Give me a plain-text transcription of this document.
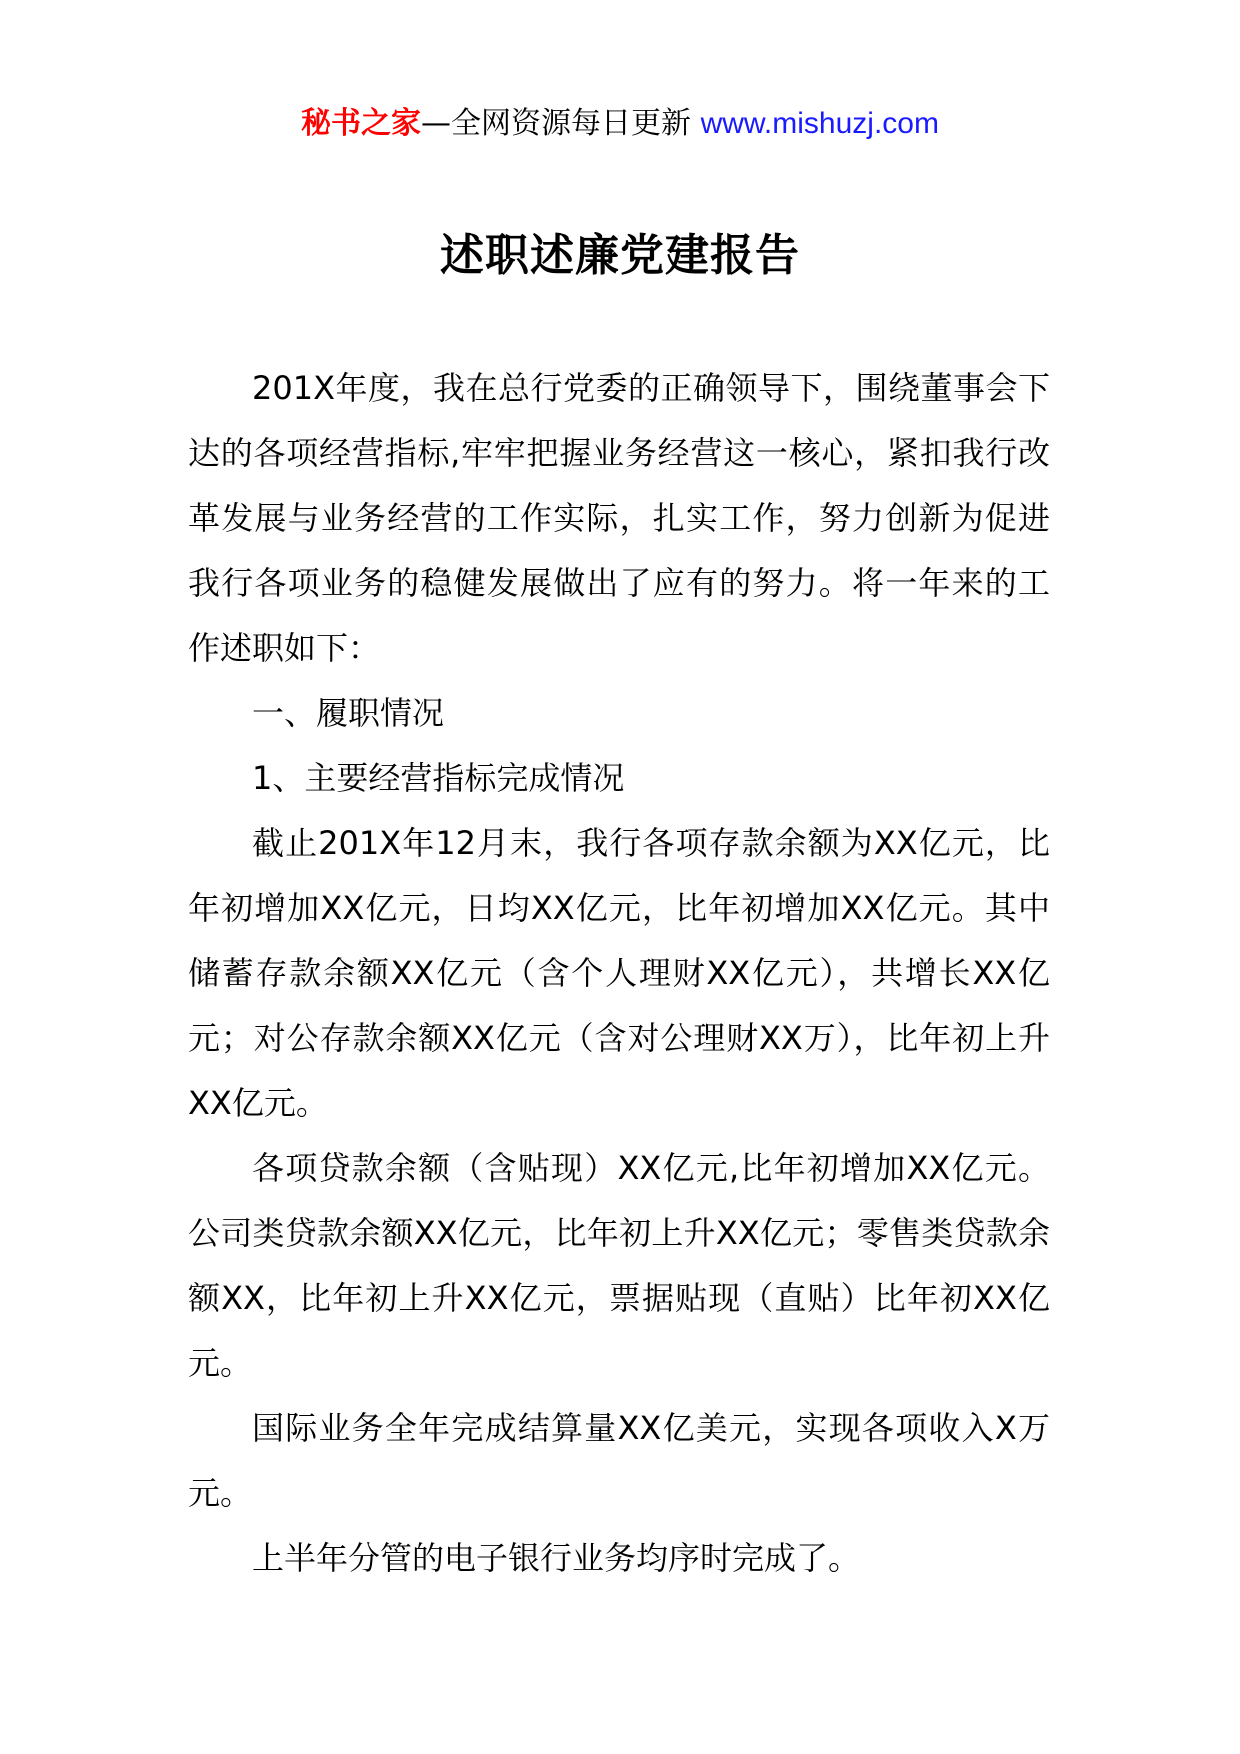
秘书之家—全网资源每日更新 www.mishuzj.com
述职述廉党建报告

201X年度，我在总行党委的正确领导下，围绕董事会下达的各项经营指标,牢牢把握业务经营这一核心，紧扣我行改革发展与业务经营的工作实际，扎实工作，努力创新为促进我行各项业务的稳健发展做出了应有的努力。将一年来的工作述职如下：

一、履职情况

1、主要经营指标完成情况

截止201X年12月末，我行各项存款余额为XX亿元，比年初增加XX亿元，日均XX亿元，比年初增加XX亿元。其中储蓄存款余额XX亿元（含个人理财XX亿元），共增长XX亿元；对公存款余额XX亿元（含对公理财XX万），比年初上升XX亿元。

各项贷款余额（含贴现）XX亿元,比年初增加XX亿元。公司类贷款余额XX亿元，比年初上升XX亿元；零售类贷款余额XX，比年初上升XX亿元，票据贴现（直贴）比年初XX亿元。

国际业务全年完成结算量XX亿美元，实现各项收入X万元。

上半年分管的电子银行业务均序时完成了。
